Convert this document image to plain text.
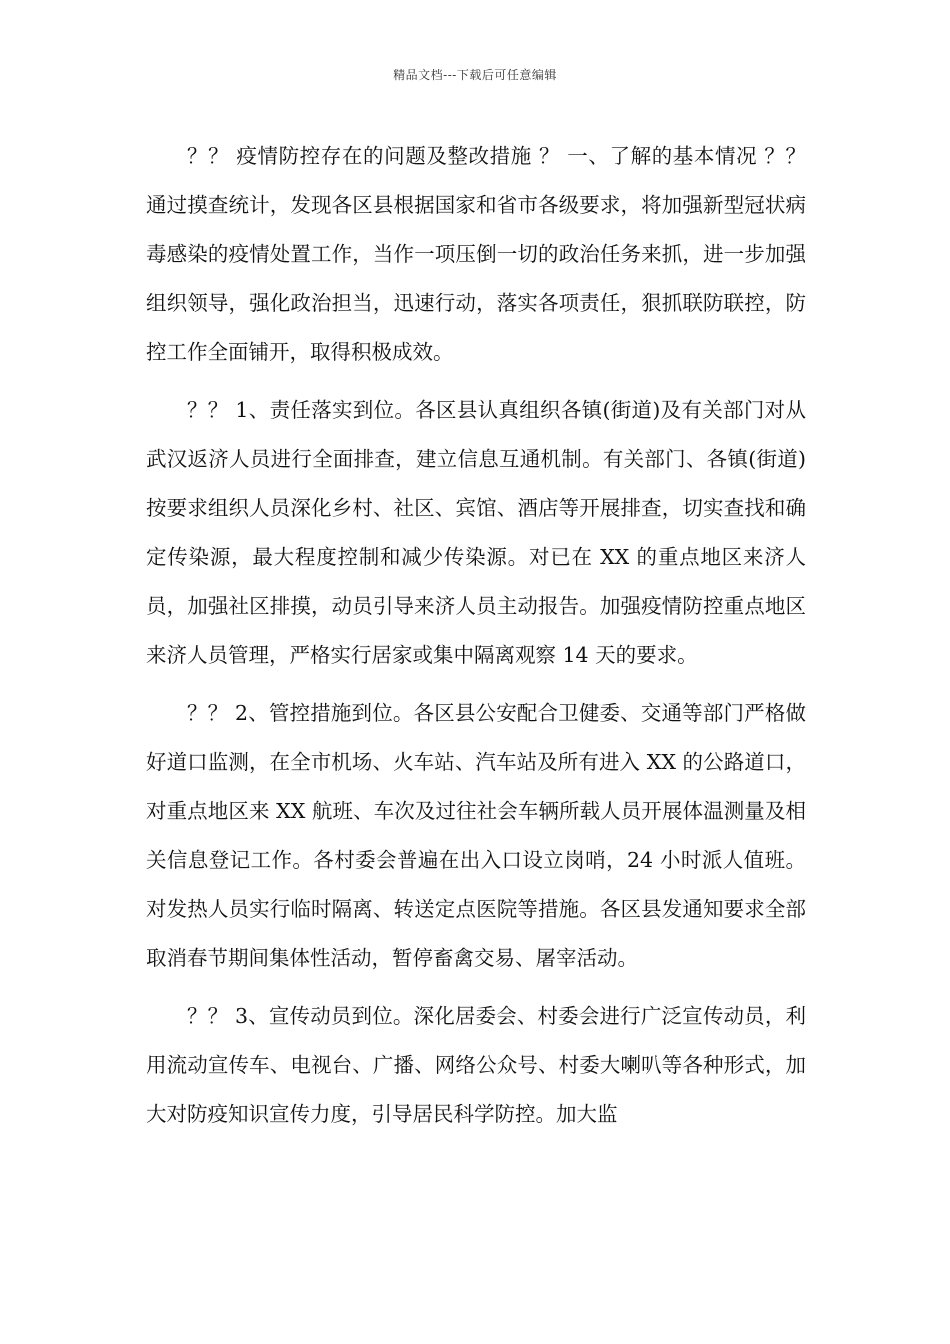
精品文档---下载后可任意编辑

？？ 疫情防控存在的问题及整改措施 ？ 一、了解的基本情况 ？？ 通过摸查统计，发现各区县根据国家和省市各级要求，将加强新型冠状病毒感染的疫情处置工作，当作一项压倒一切的政治任务来抓，进一步加强组织领导，强化政治担当，迅速行动，落实各项责任，狠抓联防联控，防控工作全面铺开，取得积极成效。

？？ 1、责任落实到位。各区县认真组织各镇(街道)及有关部门对从武汉返济人员进行全面排查，建立信息互通机制。有关部门、各镇(街道)按要求组织人员深化乡村、社区、宾馆、酒店等开展排查，切实查找和确定传染源，最大程度控制和减少传染源。对已在 XX 的重点地区来济人员，加强社区排摸，动员引导来济人员主动报告。加强疫情防控重点地区来济人员管理，严格实行居家或集中隔离观察 14 天的要求。

？？ 2、管控措施到位。各区县公安配合卫健委、交通等部门严格做好道口监测，在全市机场、火车站、汽车站及所有进入 XX 的公路道口，对重点地区来 XX 航班、车次及过往社会车辆所载人员开展体温测量及相关信息登记工作。各村委会普遍在出入口设立岗哨，24 小时派人值班。对发热人员实行临时隔离、转送定点医院等措施。各区县发通知要求全部取消春节期间集体性活动，暂停畜禽交易、屠宰活动。

？？ 3、宣传动员到位。深化居委会、村委会进行广泛宣传动员，利用流动宣传车、电视台、广播、网络公众号、村委大喇叭等各种形式，加大对防疫知识宣传力度，引导居民科学防控。加大监
